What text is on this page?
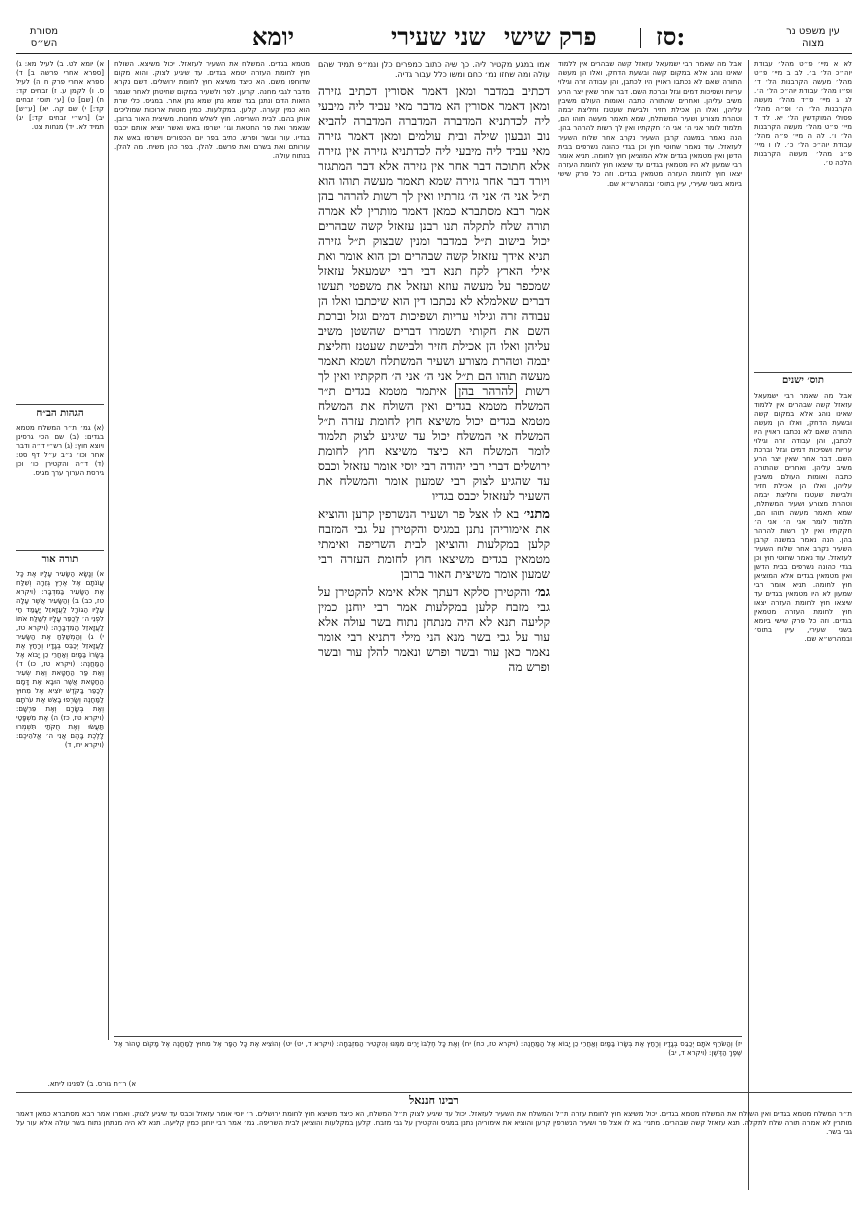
מסורת הש״ס	יומא	פרק שישי
שני שעירי	סז:	עין משפט נר מצוה
לא א מיי׳ פ״ט מהל׳ עבודת יוה״כ הל׳ ב׳. לב ב מיי׳ פ״ט מהל׳ מעשה הקרבנות הל׳ ד׳ ופ״ו מהל׳ עבודת יוה״כ הל׳ ה׳. לג ג מיי׳ פ״ד מהל׳ מעשה הקרבנות הל׳ ה׳ ופ״ה מהל׳ פסולי המוקדשין הל׳ יא. לד ד מיי׳ פ״ט מהל׳ מעשה הקרבנות הל׳ ו׳. לה ה מיי׳ פ״ה מהל׳ עבודת יוה״כ הל׳ כ׳. לו ו מיי׳ פ״ג מהל׳ מעשה הקרבנות הלכה ט׳.
תוס׳ ישנים
אבל מה שאמר רבי ישמעאל עזאזל קשה שבהרים אין ללמוד שאינו נוהג אלא במקום קשה ובשעת הדחק, ואלו הן מעשה התורה שאם לא נכתבו ראויין היו לכתבן, והן עבודה זרה וגילוי עריות ושפיכות דמים וגזל וברכת השם. דבר אחר שאין יצר הרע משיב עליהן. ואחרים שהתורה כתבה ואומות העולם משיבין עליהן, ואלו הן אכילת חזיר ולבישת שעטנז וחליצת יבמה וטהרת מצורע ושעיר המשתלח, שמא תאמר מעשה תוהו הם, תלמוד לומר אני ה׳ אני ה׳ חקקתיו ואין לך רשות להרהר בהן. הנה נאמר במשנה קרבן השעיר נקרב אחר שלוח השעיר לעזאזל. עוד נאמר שחוטי חוץ וכן בגדי כהונה נשרפים בבית הדשן ואין מטמאין בגדים אלא המוציאן חוץ לחומה. תניא אומר רבי שמעון לא היו מטמאין בגדים עד שיצאו חוץ לחומת העזרה יצאו חוץ לחומת העזרה מטמאין בגדים. וזה כל פרק שישי ביומא בשני שעירי, עיין בתוס׳ ובמהרש״א שם.
א) יומא לט. ב) לעיל מא: ג) [ספרא אחרי פרשה ב] ד) ספרא אחרי פרק ח ה) לעיל ס. ו) לקמן ע. ז) זבחים קד: ח) [שם] ט) [ע׳ תוס׳ זבחים קד:] י) שם קה. יא) [ע״ש] יב) [רש״י זבחים קד:] יג) תמיד לא. יד) מנחות צט.
הגהות הב״ח
(א) גמ׳ ת״ר המשלח מטמא בגדים: (ב) שם הכי גרסינן ויוצא חוץ: (ג) רש״י ד״ה ודבר אחר וכו׳ נ״ב ע״ל דף סט: (ד) ד״ה והקטירן כו׳ וכן גירסת הערוך ערך מגיס.
תורה אור
א) וְנָשָׂא הַשָּׂעִיר עָלָיו אֶת כָּל עֲוֹנֹתָם אֶל אֶרֶץ גְּזֵרָה וְשִׁלַּח אֶת הַשָּׂעִיר בַּמִּדְבָּר: (ויקרא טז, כב) ב) וְהַשָּׂעִיר אֲשֶׁר עָלָה עָלָיו הַגּוֹרָל לַעֲזָאזֵל יָעֳמַד חַי לִפְנֵי ה׳ לְכַפֵּר עָלָיו לְשַׁלַּח אֹתוֹ לַעֲזָאזֵל הַמִּדְבָּרָה: (ויקרא טז, י) ג) וְהַמְשַׁלֵּחַ אֶת הַשָּׂעִיר לַעֲזָאזֵל יְכַבֵּס בְּגָדָיו וְרָחַץ אֶת בְּשָׂרוֹ בַּמָּיִם וְאַחֲרֵי כֵן יָבוֹא אֶל הַמַּחֲנֶה: (ויקרא טז, כו) ד) וְאֵת פַּר הַחַטָּאת וְאֵת שְׂעִיר הַחַטָּאת אֲשֶׁר הוּבָא אֶת דָּמָם לְכַפֵּר בַּקֹּדֶשׁ יוֹצִיא אֶל מִחוּץ לַמַּחֲנֶה וְשָׂרְפוּ בָאֵשׁ אֶת עֹרֹתָם וְאֶת בְּשָׂרָם וְאֶת פִּרְשָׁם: (ויקרא טז, כז) ה) אֶת מִשְׁפָּטַי תַּעֲשׂוּ וְאֶת חֻקֹּתַי תִּשְׁמְרוּ לָלֶכֶת בָּהֶם אֲנִי ה׳ אֱלֹהֵיכֶם: (ויקרא יח, ד)
מטמא בגדים. המשלח את השעיר לעזאזל. יכול משיצא. השולח חוץ לחומת העזרה יטמא בגדים. עד שיגיע לצוק. והוא מקום שדוחפו משם. הא כיצד משיצא חוץ לחומת ירושלים. דשם נקרא מדבר לגבי מחנה. קרען. לפר ולשעיר במקום שחיטתן לאחר שגמר הזאות הדם ונתנן בגד שמא נתן שמא נתן אחר. במגיס. כלי שרת הוא כמין קערה. קלען. במקלעות. כמין מוטות ארוכות שמוליכים אותן בהם. לבית השריפה. חוץ לשלש מחנות. משיצית האור ברובן. שנאמר ואת פר החטאת וגו׳ ישרפו באש ואשר יוציא אותם יכבס בגדיו. עור ובשר ופרש. כתיב בפר יום הכפורים וישרפו באש את עורותם ואת בשרם ואת פרשם. להלן. בפר כהן משיח. מה להלן. בנתוח עולה.
אבל מה שאמר רבי ישמעאל עזאזל קשה שבהרים אין ללמוד שאינו נוהג אלא במקום קשה ובשעת הדחק, ואלו הן מעשה התורה שאם לא נכתבו ראויין היו לכתבן, והן עבודה זרה וגילוי עריות ושפיכות דמים וגזל וברכת השם. דבר אחר שאין יצר הרע משיב עליהן. ואחרים שהתורה כתבה ואומות העולם משיבין עליהן, ואלו הן אכילת חזיר ולבישת שעטנז וחליצת יבמה וטהרת מצורע ושעיר המשתלח, שמא תאמר מעשה תוהו הם, תלמוד לומר אני ה׳ אני ה׳ חקקתיו ואין לך רשות להרהר בהן. הנה נאמר במשנה קרבן השעיר נקרב אחר שלוח השעיר לעזאזל. עוד נאמר שחוטי חוץ וכן בגדי כהונה נשרפים בבית הדשן ואין מטמאין בגדים אלא המוציאן חוץ לחומה. תניא אומר רבי שמעון לא היו מטמאין בגדים עד שיצאו חוץ לחומת העזרה יצאו חוץ לחומת העזרה מטמאין בגדים. וזה כל פרק שישי ביומא בשני שעירי, עיין בתוס׳ ובמהרש״א שם.
אמו במגע מקטיר ליה. כך שיה כתוב כמפרים כלן ונמ״פ תמיד שהם עולה ומה שחזו נמ׳ כחם ומשו כלל עבור גדיה.
דכתיב במדבר ומאן דאמר אסורין דכתיב גזירה ומאן דאמר אסורין הא מדבר מאי עביד ליה מיבעי ליה לכדתניא המדברה המדברה המדברה להביא נוב וגבעון שילה ובית עולמים ומאן דאמר גזירה מאי עביד ליה מיבעי ליה לכדתניא גזירה אין גזירה אלא חתוכה דבר אחר אין גזירה אלא דבר המתגזר ויורד דבר אחר גזירה שמא תאמר מעשה תוהו הוא ת״ל אני ה׳ אני ה׳ גזרתיו ואין לך רשות להרהר בהן אמר רבא מסתברא כמאן דאמר מותרין לא אמרה תורה שלח לתקלה תנו רבנן עזאזל קשה שבהרים יכול בישוב ת״ל במדבר ומנין שבצוק ת״ל גזירה תניא אידך עזאזל קשה שבהרים וכן הוא אומר ואת אילי הארץ לקח תנא דבי רבי ישמעאל עזאזל שמכפר על מעשה עוזא ועזאל את משפטי תעשו דברים שאלמלא לא נכתבו דין הוא שיכתבו ואלו הן עבודה זרה וגילוי עריות ושפיכות דמים וגזל וברכת השם את חקותי תשמרו דברים שהשטן משיב עליהן ואלו הן אכילת חזיר ולבישת שעטנז וחליצת יבמה וטהרת מצורע ושעיר המשתלח ושמא תאמר מעשה תוהו הם ת״ל אני ה׳ אני ה׳ חקקתיו ואין לך רשות להרהר בהן איתמר מטמא בגדים ת״ר המשלח מטמא בגדים ואין השולח את המשלח מטמא בגדים יכול משיצא חוץ לחומת עזרה ת״ל המשלח אי המשלח יכול עד שיגיע לצוק תלמוד לומר המשלח הא כיצד משיצא חוץ לחומת ירושלים דברי רבי יהודה רבי יוסי אומר עזאזל וכבס עד שהגיע לצוק רבי שמעון אומר והמשלח את השעיר לעזאזל יכבס בגדיו
מתני׳ בא לו אצל פר ושעיר הנשרפין קרען והוציא את אימוריהן נתנן במגיס והקטירן על גבי המזבח קלען במקלעות והוציאן לבית השריפה ואימתי מטמאין בגדים משיצאו חוץ לחומת העזרה רבי שמעון אומר משיצית האור ברובן
גמ׳ והקטירן סלקא דעתך אלא אימא להקטירן על גבי מזבח קלען במקלעות אמר רבי יוחנן כמין קליעה תנא לא היה מנתחן נתוח בשר עולה אלא עור על גבי בשר מנא הני מילי דתניא רבי אומר נאמר כאן עור ובשר ופרש ונאמר להלן עור ובשר ופרש מה
יז) וְהַשֹּׂרֵף אֹתָם יְכַבֵּס בְּגָדָיו וְרָחַץ אֶת בְּשָׂרוֹ בַּמָּיִם וְאַחֲרֵי כֵן יָבוֹא אֶל הַמַּחֲנֶה: (ויקרא טז, כח) יח) וְאֶת כָּל חֶלְבּוֹ יָרִים מִמֶּנּוּ וְהִקְטִיר הַמִּזְבֵּחָה: (ויקרא ד, יט) יט) וְהוֹצִיא אֶת כָּל הַפָּר אֶל מִחוּץ לַמַּחֲנֶה אֶל מָקוֹם טָהוֹר אֶל שֶׁפֶךְ הַדֶּשֶׁן: (ויקרא ד, יב)
א) ר״ח גורס. ב) לפנינו ליתא.
רבינו חננאל
ת״ר המשלח מטמא בגדים ואין השולח את המשלח מטמא בגדים. יכול משיצא חוץ לחומת עזרה ת״ל והמשלח את השעיר לעזאזל. יכול עד שיגיע לצוק ת״ל המשלח, הא כיצד משיצא חוץ לחומת ירושלים. ר׳ יוסי אומר עזאזל וכבס עד שיגיע לצוק. ואמרו אמר רבא מסתברא כמאן דאמר מותרין לא אמרה תורה שלח לתקלה. תנא עזאזל קשה שבהרים. מתני׳ בא לו אצל פר ושעיר הנשרפין קרען והוציא את אימוריהן נתנן במגיס והקטירן על גבי מזבח. קלען במקלעות והוציאן לבית השריפה. גמ׳ אמר רבי יוחנן כמין קליעה. תנא לא היה מנתחן נתוח בשר עולה אלא עור על גבי בשר.
